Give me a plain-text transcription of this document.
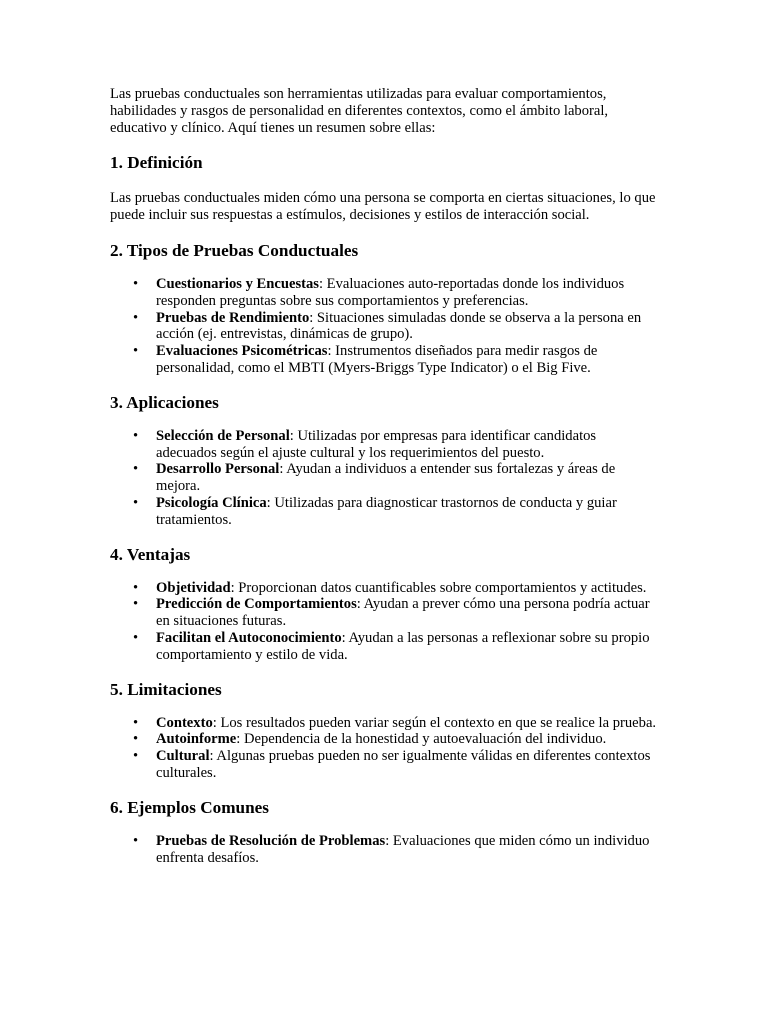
Las pruebas conductuales son herramientas utilizadas para evaluar comportamientos, habilidades y rasgos de personalidad en diferentes contextos, como el ámbito laboral, educativo y clínico. Aquí tienes un resumen sobre ellas:

1. Definición

Las pruebas conductuales miden cómo una persona se comporta en ciertas situaciones, lo que puede incluir sus respuestas a estímulos, decisiones y estilos de interacción social.

2. Tipos de Pruebas Conductuales
• Cuestionarios y Encuestas: Evaluaciones auto-reportadas donde los individuos responden preguntas sobre sus comportamientos y preferencias.
• Pruebas de Rendimiento: Situaciones simuladas donde se observa a la persona en acción (ej. entrevistas, dinámicas de grupo).
• Evaluaciones Psicométricas: Instrumentos diseñados para medir rasgos de personalidad, como el MBTI (Myers-Briggs Type Indicator) o el Big Five.
3. Aplicaciones
• Selección de Personal: Utilizadas por empresas para identificar candidatos adecuados según el ajuste cultural y los requerimientos del puesto.
• Desarrollo Personal: Ayudan a individuos a entender sus fortalezas y áreas de mejora.
• Psicología Clínica: Utilizadas para diagnosticar trastornos de conducta y guiar tratamientos.
4. Ventajas
• Objetividad: Proporcionan datos cuantificables sobre comportamientos y actitudes.
• Predicción de Comportamientos: Ayudan a prever cómo una persona podría actuar en situaciones futuras.
• Facilitan el Autoconocimiento: Ayudan a las personas a reflexionar sobre su propio comportamiento y estilo de vida.
5. Limitaciones
• Contexto: Los resultados pueden variar según el contexto en que se realice la prueba.
• Autoinforme: Dependencia de la honestidad y autoevaluación del individuo.
• Cultural: Algunas pruebas pueden no ser igualmente válidas en diferentes contextos culturales.
6. Ejemplos Comunes
• Pruebas de Resolución de Problemas: Evaluaciones que miden cómo un individuo enfrenta desafíos.
